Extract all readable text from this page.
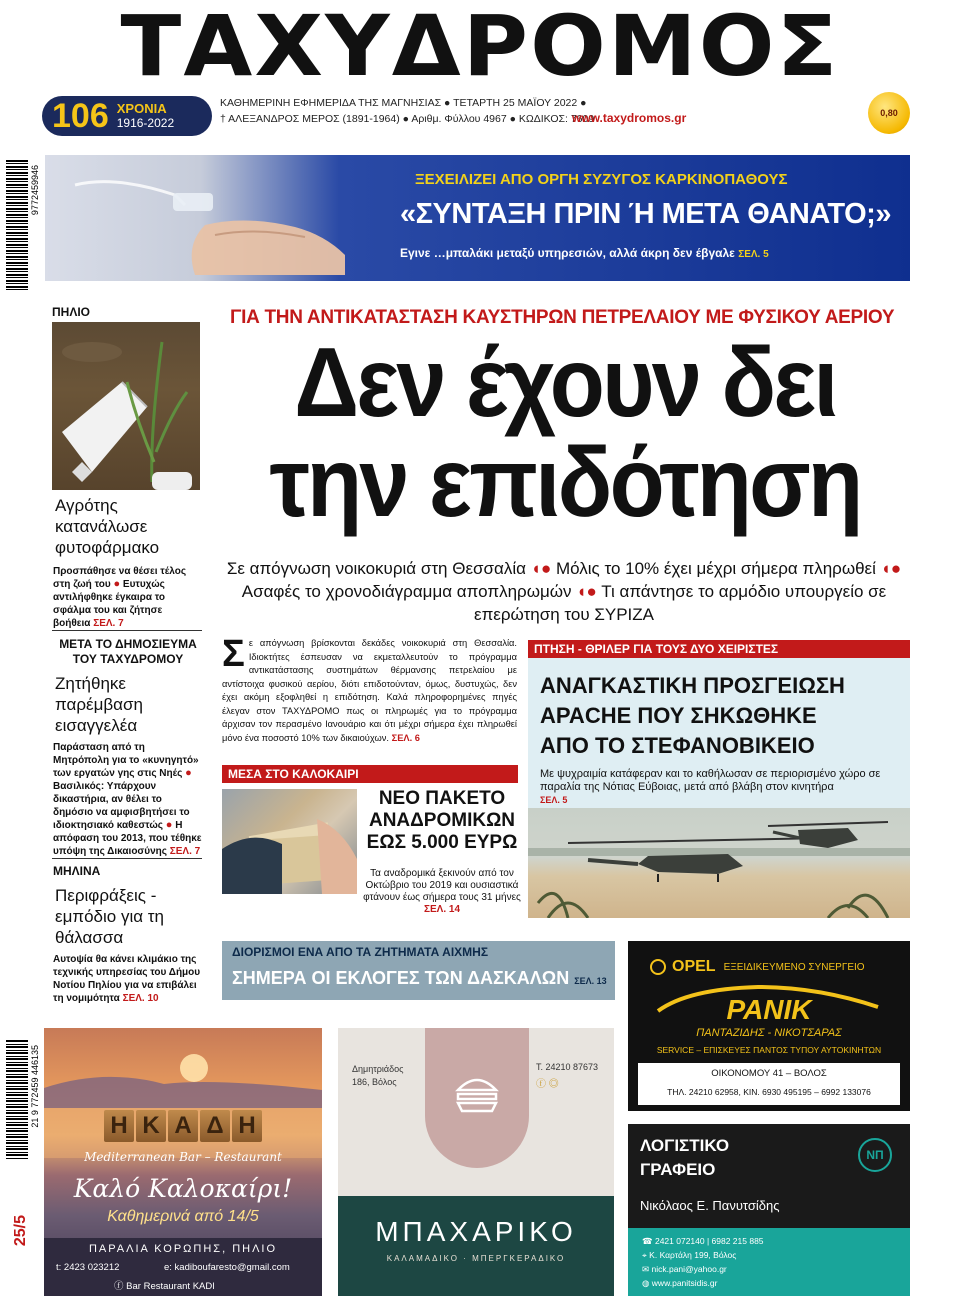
ΤΑΧΥΔΡΟΜΟΣ
106 ΧΡΟΝΙΑ
1916-2022
ΚΑΘΗΜΕΡΙΝΗ ΕΦΗΜΕΡΙΔΑ ΤΗΣ ΜΑΓΝΗΣΙΑΣ ● ΤΕΤΑΡΤΗ 25 ΜΑΪΟΥ 2022 ●
† ΑΛΕΞΑΝΔΡΟΣ ΜΕΡΟΣ (1891-1964) ● Αριθμ. Φύλλου 4967 ● ΚΩΔΙΚΟΣ: 7609
www.taxydromos.gr	0,80
9772459946
21 9 772459 446135
25/5
ΞΕΧΕΙΛΙΖΕΙ ΑΠΟ ΟΡΓΗ ΣΥΖΥΓΟΣ ΚΑΡΚΙΝΟΠΑΘΟΥΣ
«ΣΥΝΤΑΞΗ ΠΡΙΝ Ή ΜΕΤΑ ΘΑΝΑΤΟ;»
Εγινε …μπαλάκι μεταξύ υπηρεσιών, αλλά άκρη δεν έβγαλε ΣΕΛ. 5
ΠΗΛΙΟ
Αγρότης κατανάλωσε φυτοφάρμακο
Προσπάθησε να θέσει τέλος στη ζωή του ● Ευτυχώς αντιλήφθηκε έγκαιρα το σφάλμα του και ζήτησε βοήθεια ΣΕΛ. 7
ΜΕΤΑ ΤΟ ΔΗΜΟΣΙΕΥΜΑ ΤΟΥ ΤΑΧΥΔΡΟΜΟΥ
Ζητήθηκε παρέμβαση εισαγγελέα
Παράσταση από τη Μητρόπολη για το «κυνηγητό» των εργατών γης στις Νηές ● Βασιλικός: Υπάρχουν δικαστήρια, αν θέλει το δημόσιο να αμφισβητήσει το ιδιοκτησιακό καθεστώς ● Η απόφαση του 2013, που τέθηκε υπόψη της Δικαιοσύνης ΣΕΛ. 7
ΜΗΛΙΝΑ
Περιφράξεις - εμπόδιο για τη θάλασσα
Αυτοψία θα κάνει κλιμάκιο της τεχνικής υπηρεσίας του Δήμου Νοτίου Πηλίου για να επιβάλει τη νομιμότητα ΣΕΛ. 10
ΓΙΑ ΤΗΝ ΑΝΤΙΚΑΤΑΣΤΑΣΗ ΚΑΥΣΤΗΡΩΝ ΠΕΤΡΕΛΑΙΟΥ ΜΕ ΦΥΣΙΚΟΥ ΑΕΡΙΟΥ
Δεν έχουν δει
την επιδότηση
Σε απόγνωση νοικοκυριά στη Θεσσαλία ◖● Μόλις το 10% έχει μέχρι σήμερα πληρωθεί ◖● Ασαφές το χρονοδιάγραμμα αποπληρωμών ◖● Τι απάντησε το αρμόδιο υπουργείο σε επερώτηση του ΣΥΡΙΖΑ
Σε απόγνωση βρίσκονται δεκάδες νοικοκυριά στη Θεσσαλία. Ιδιοκτήτες έσπευσαν να εκμεταλλευτούν το πρόγραμμα αντικατάστασης συστημάτων θέρμανσης πετρελαίου με αντίστοιχα φυσικού αερίου, διότι επιδοτούνταν, όμως, δυστυχώς, δεν έχει ακόμη εξοφληθεί η επιδότηση. Καλά πληροφορημένες πηγές έλεγαν στον ΤΑΧΥΔΡΟΜΟ πως οι πληρωμές για το πρόγραμμα άρχισαν τον περασμένο Ιανουάριο και ότι μέχρι σήμερα έχει πληρωθεί μόνο ένα ποσοστό 10% των δικαιούχων. ΣΕΛ. 6
ΜΕΣΑ ΣΤΟ ΚΑΛΟΚΑΙΡΙ
ΝΕΟ ΠΑΚΕΤΟ ΑΝΑΔΡΟΜΙΚΩΝ ΕΩΣ 5.000 ΕΥΡΩ
Τα αναδρομικά ξεκινούν από τον Οκτώβριο του 2019 και ουσιαστικά φτάνουν έως σήμερα τους 31 μήνες ΣΕΛ. 14
ΠΤΗΣΗ - ΘΡΙΛΕΡ ΓΙΑ ΤΟΥΣ ΔΥΟ ΧΕΙΡΙΣΤΕΣ
ΑΝΑΓΚΑΣΤΙΚΗ ΠΡΟΣΓΕΙΩΣΗ
APACHE ΠΟΥ ΣΗΚΩΘΗΚΕ
ΑΠΟ ΤΟ ΣΤΕΦΑΝΟΒΙΚΕΙΟ
Με ψυχραιμία κατάφεραν και το καθήλωσαν σε περιορισμένο χώρο σε παραλία της Νότιας Εύβοιας, μετά από βλάβη στον κινητήρα
ΣΕΛ. 5
ΔΙΟΡΙΣΜΟΙ ΕΝΑ ΑΠΟ ΤΑ ΖΗΤΗΜΑΤΑ ΑΙΧΜΗΣ
ΣΗΜΕΡΑ ΟΙ ΕΚΛΟΓΕΣ ΤΩΝ ΔΑΣΚΑΛΩΝ ΣΕΛ. 13
OPEL ΕΞΕΙΔΙΚΕΥΜΕΝΟ ΣΥΝΕΡΓΕΙΟ
ΡΑΝΙΚ
ΠΑΝΤΑΖΙΔΗΣ - ΝΙΚΟΤΣΑΡΑΣ
SERVICE – ΕΠΙΣΚΕΥΕΣ ΠΑΝΤΟΣ ΤΥΠΟΥ ΑΥΤΟΚΙΝΗΤΩΝ
ΟΙΚΟΝΟΜΟΥ 41 – ΒΟΛΟΣ
ΤΗΛ. 24210 62958, ΚΙΝ. 6930 495195 – 6992 133076
Η Κ Α Δ Η
Mediterranean Bar – Restaurant
Καλό Καλοκαίρι!
Καθημερινά από 14/5
ΠΑΡΑΛΙΑ ΚΟΡΩΠΗΣ, ΠΗΛΙΟ
t: 2423 023212	e: kadiboufaresto@gmail.com
ⓕ Bar Restaurant KADI
Δημητριάδος
186, Βόλος
Τ. 24210 87673
ⓕ ◎
ΜΠΑΧΑΡΙΚΟ
ΚΑΛΑΜΑΔΙΚΟ · ΜΠΕΡΓΚΕΡΑΔΙΚΟ
ΛΟΓΙΣΤΙΚΟ
ΓΡΑΦΕΙΟ
ΝΠ
Νικόλαος Ε. Πανυτσίδης
☎ 2421 072140 | 6982 215 885
⌖ Κ. Καρτάλη 199, Βόλος
✉ nick.pani@yahoo.gr
◍ www.panitsidis.gr
